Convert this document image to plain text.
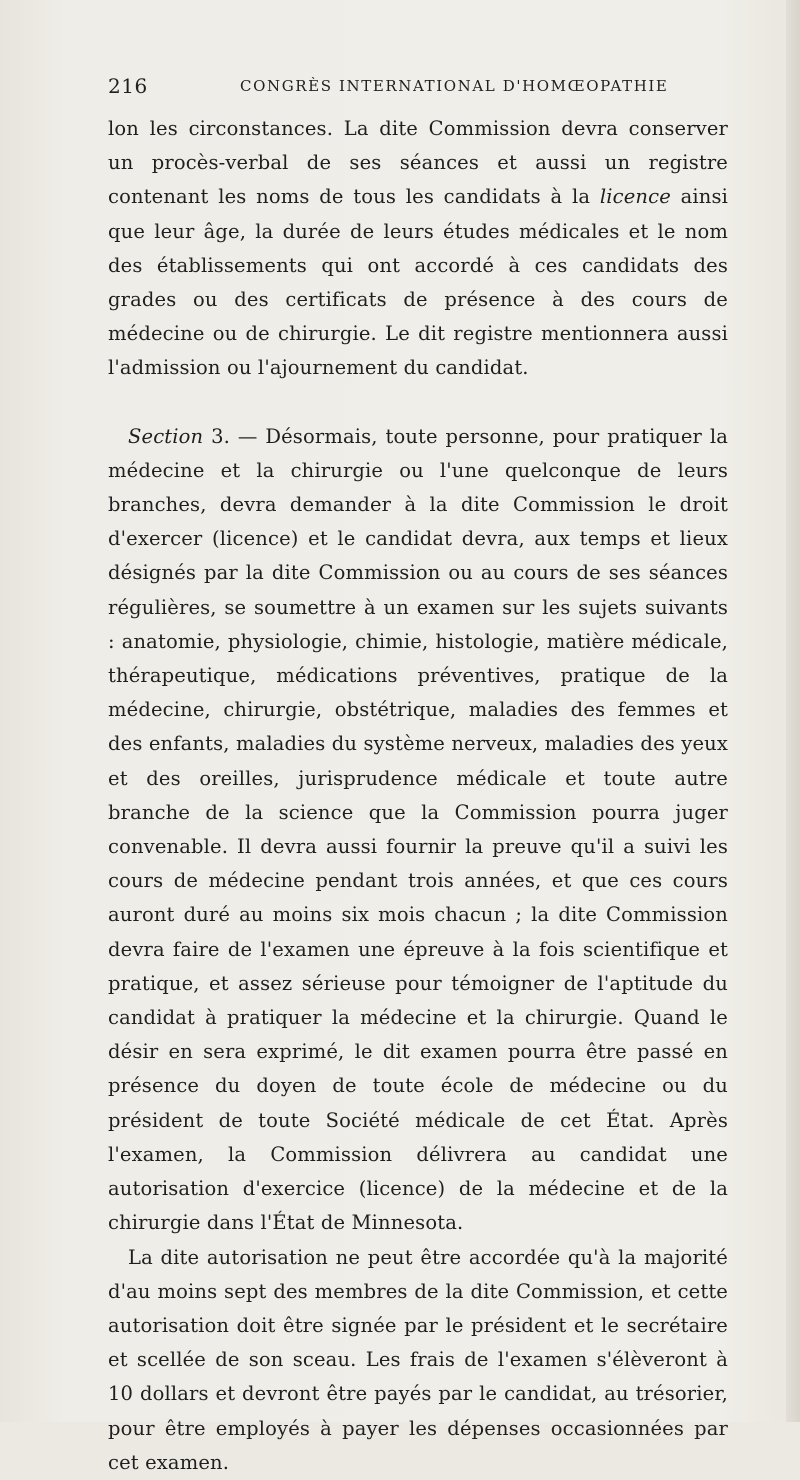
216	CONGRÈS INTERNATIONAL D'HOMŒOPATHIE

lon les circonstances. La dite Commission devra conserver un procès-verbal de ses séances et aussi un registre contenant les noms de tous les candidats à la licence ainsi que leur âge, la durée de leurs études médicales et le nom des établissements qui ont accordé à ces candidats des grades ou des certificats de présence à des cours de médecine ou de chirurgie. Le dit registre mentionnera aussi l'admission ou l'ajournement du candidat.

Section 3. — Désormais, toute personne, pour pratiquer la médecine et la chirurgie ou l'une quelconque de leurs branches, devra demander à la dite Commission le droit d'exercer (licence) et le candidat devra, aux temps et lieux désignés par la dite Commission ou au cours de ses séances régulières, se soumettre à un examen sur les sujets suivants : anatomie, physiologie, chimie, histologie, matière médicale, thérapeutique, médications préventives, pratique de la médecine, chirurgie, obstétrique, maladies des femmes et des enfants, maladies du système nerveux, maladies des yeux et des oreilles, jurisprudence médicale et toute autre branche de la science que la Commission pourra juger convenable. Il devra aussi fournir la preuve qu'il a suivi les cours de médecine pendant trois années, et que ces cours auront duré au moins six mois chacun ; la dite Commission devra faire de l'examen une épreuve à la fois scientifique et pratique, et assez sérieuse pour témoigner de l'aptitude du candidat à pratiquer la médecine et la chirurgie. Quand le désir en sera exprimé, le dit examen pourra être passé en présence du doyen de toute école de médecine ou du président de toute Société médicale de cet État. Après l'examen, la Commission délivrera au candidat une autorisation d'exercice (licence) de la médecine et de la chirurgie dans l'État de Minnesota.

La dite autorisation ne peut être accordée qu'à la majorité d'au moins sept des membres de la dite Commission, et cette autorisation doit être signée par le président et le secrétaire et scellée de son sceau. Les frais de l'examen s'élèveront à 10 dollars et devront être payés par le candidat, au trésorier, pour être employés à payer les dépenses occasionnées par cet examen.
